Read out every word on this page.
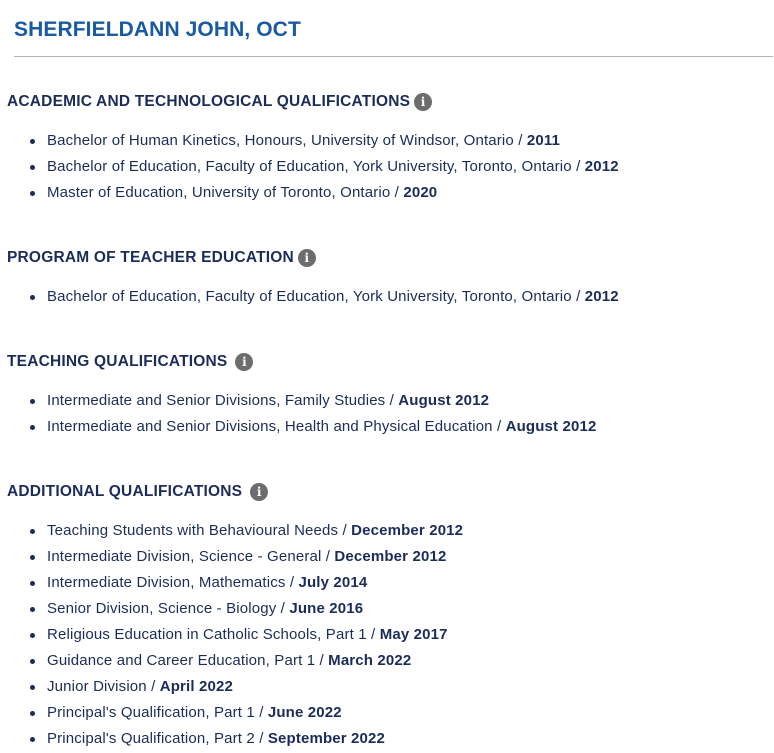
SHERFIELDANN JOHN, OCT
ACADEMIC AND TECHNOLOGICAL QUALIFICATIONS i
Bachelor of Human Kinetics, Honours, University of Windsor, Ontario / 2011
Bachelor of Education, Faculty of Education, York University, Toronto, Ontario / 2012
Master of Education, University of Toronto, Ontario / 2020
PROGRAM OF TEACHER EDUCATION i
Bachelor of Education, Faculty of Education, York University, Toronto, Ontario / 2012
TEACHING QUALIFICATIONS	i
Intermediate and Senior Divisions, Family Studies / August 2012
Intermediate and Senior Divisions, Health and Physical Education / August 2012
ADDITIONAL QUALIFICATIONS	i
Teaching Students with Behavioural Needs / December 2012
Intermediate Division, Science - General / December 2012
Intermediate Division, Mathematics / July 2014
Senior Division, Science - Biology / June 2016
Religious Education in Catholic Schools, Part 1 / May 2017
Guidance and Career Education, Part 1 / March 2022
Junior Division / April 2022
Principal's Qualification, Part 1 / June 2022
Principal's Qualification, Part 2 / September 2022
